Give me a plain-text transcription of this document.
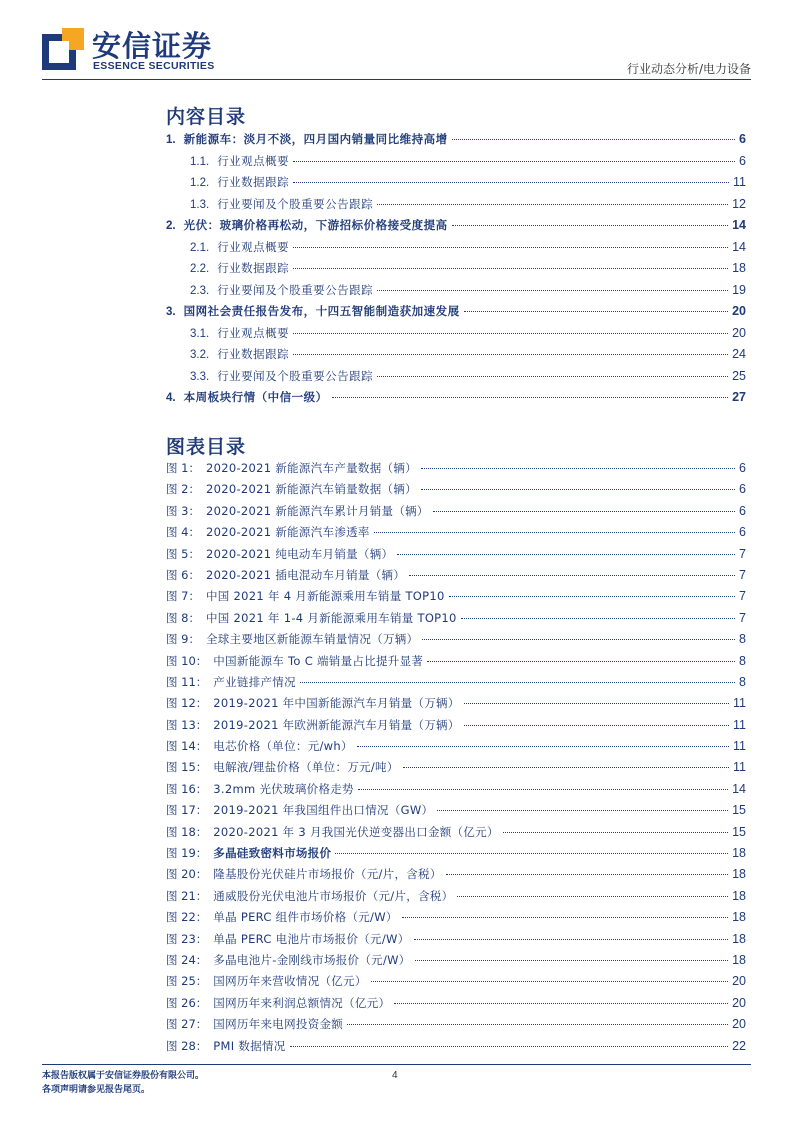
安信证券
ESSENCE SECURITIES	行业动态分析/电力设备
内容目录
1. 新能源车：淡月不淡，四月国内销量同比维持高增	6
1.1. 行业观点概要	6
1.2. 行业数据跟踪	11
1.3. 行业要闻及个股重要公告跟踪	12
2. 光伏：玻璃价格再松动，下游招标价格接受度提高	14
2.1. 行业观点概要	14
2.2. 行业数据跟踪	18
2.3. 行业要闻及个股重要公告跟踪	19
3. 国网社会责任报告发布，十四五智能制造获加速发展	20
3.1. 行业观点概要	20
3.2. 行业数据跟踪	24
3.3. 行业要闻及个股重要公告跟踪	25
4. 本周板块行情（中信一级）	27
图表目录
图 1： 2020-2021 新能源汽车产量数据（辆）	6
图 2： 2020-2021 新能源汽车销量数据（辆）	6
图 3： 2020-2021 新能源汽车累计月销量（辆）	6
图 4： 2020-2021 新能源汽车渗透率	6
图 5： 2020-2021 纯电动车月销量（辆）	7
图 6： 2020-2021 插电混动车月销量（辆）	7
图 7： 中国 2021 年 4 月新能源乘用车销量 TOP10	7
图 8： 中国 2021 年 1-4 月新能源乘用车销量 TOP10	7
图 9： 全球主要地区新能源车销量情况（万辆）	8
图 10： 中国新能源车 To C 端销量占比提升显著	8
图 11： 产业链排产情况	8
图 12： 2019-2021 年中国新能源汽车月销量（万辆）	11
图 13： 2019-2021 年欧洲新能源汽车月销量（万辆）	11
图 14： 电芯价格（单位：元/wh）	11
图 15： 电解液/锂盐价格（单位：万元/吨）	11
图 16： 3.2mm 光伏玻璃价格走势	14
图 17： 2019-2021 年我国组件出口情况（GW）	15
图 18： 2020-2021 年 3 月我国光伏逆变器出口金额（亿元）	15
图 19： 多晶硅致密料市场报价	18
图 20： 隆基股份光伏硅片市场报价（元/片，含税）	18
图 21： 通威股份光伏电池片市场报价（元/片，含税）	18
图 22： 单晶 PERC 组件市场价格（元/W）	18
图 23： 单晶 PERC 电池片市场报价（元/W）	18
图 24： 多晶电池片-金刚线市场报价（元/W）	18
图 25： 国网历年来营收情况（亿元）	20
图 26： 国网历年来利润总额情况（亿元）	20
图 27： 国网历年来电网投资金额	20
图 28： PMI 数据情况	22
本报告版权属于安信证券股份有限公司。
各项声明请参见报告尾页。
4
